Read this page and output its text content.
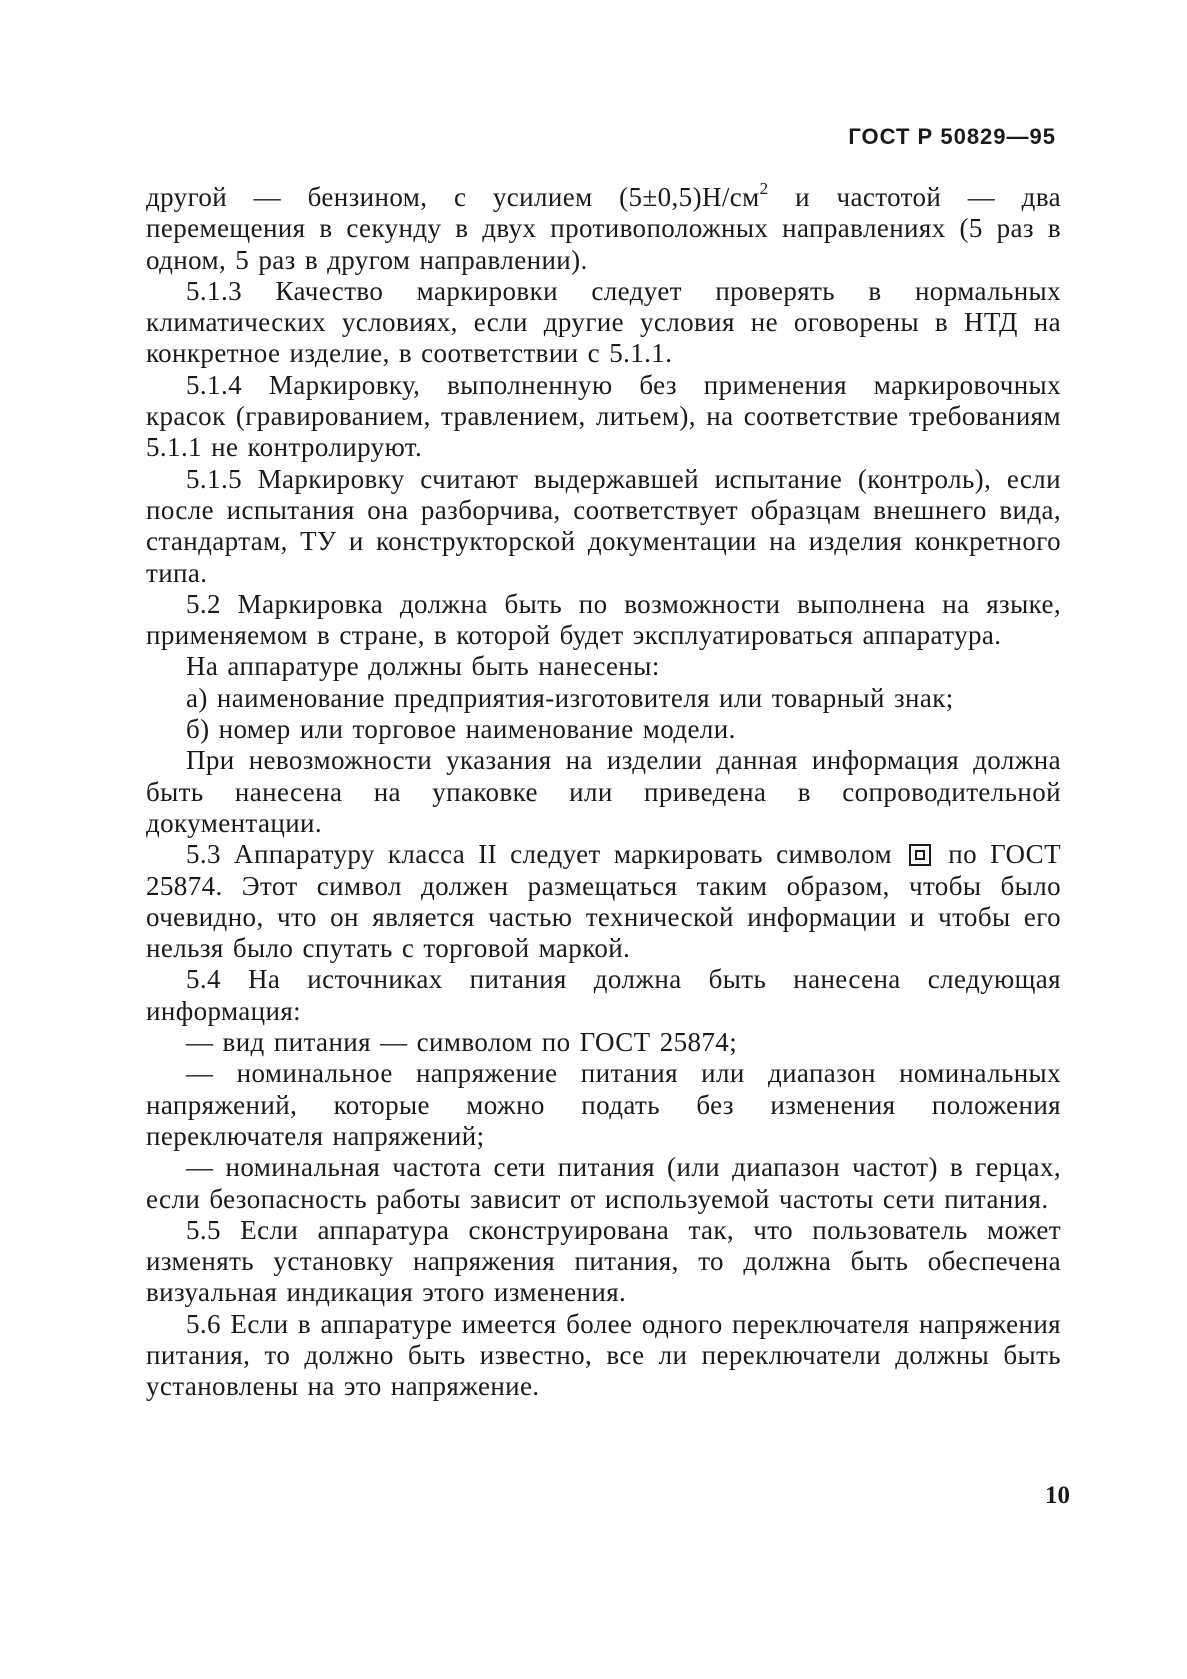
ГОСТ Р 50829—95

другой — бензином, с усилием $(5\pm 0,5)Н/см^2$ и частотой — два перемещения в секунду в двух противоположных направлениях (5 раз в одном, 5 раз в другом направлении).

5.1.3 Качество маркировки следует проверять в нормальных климатических условиях, если другие условия не оговорены в НТД на конкретное изделие, в соответствии с 5.1.1.

5.1.4 Маркировку, выполненную без применения маркировочных красок (гравированием, травлением, литьем), на соответствие требованиям 5.1.1 не контролируют.

5.1.5 Маркировку считают выдержавшей испытание (контроль), если после испытания она разборчива, соответствует образцам внешнего вида, стандартам, ТУ и конструкторской документации на изделия конкретного типа.

5.2 Маркировка должна быть по возможности выполнена на языке, применяемом в стране, в которой будет эксплуатироваться аппаратура.

На аппаратуре должны быть нанесены:

а) наименование предприятия-изготовителя или товарный знак;

б) номер или торговое наименование модели.

При невозможности указания на изделии данная информация должна быть нанесена на упаковке или приведена в сопроводительной документации.

5.3 Аппаратуру класса II следует маркировать символом по ГОСТ 25874. Этот символ должен размещаться таким образом, чтобы было очевидно, что он является частью технической информации и чтобы его нельзя было спутать с торговой маркой.

5.4 На источниках питания должна быть нанесена следующая информация:

— вид питания — символом по ГОСТ 25874;

— номинальное напряжение питания или диапазон номинальных напряжений, которые можно подать без изменения положения переключателя напряжений;

— номинальная частота сети питания (или диапазон частот) в герцах, если безопасность работы зависит от используемой частоты сети питания.

5.5 Если аппаратура сконструирована так, что пользователь может изменять установку напряжения питания, то должна быть обеспечена визуальная индикация этого изменения.

5.6 Если в аппаратуре имеется более одного переключателя напряжения питания, то должно быть известно, все ли переключатели должны быть установлены на это напряжение.

10
